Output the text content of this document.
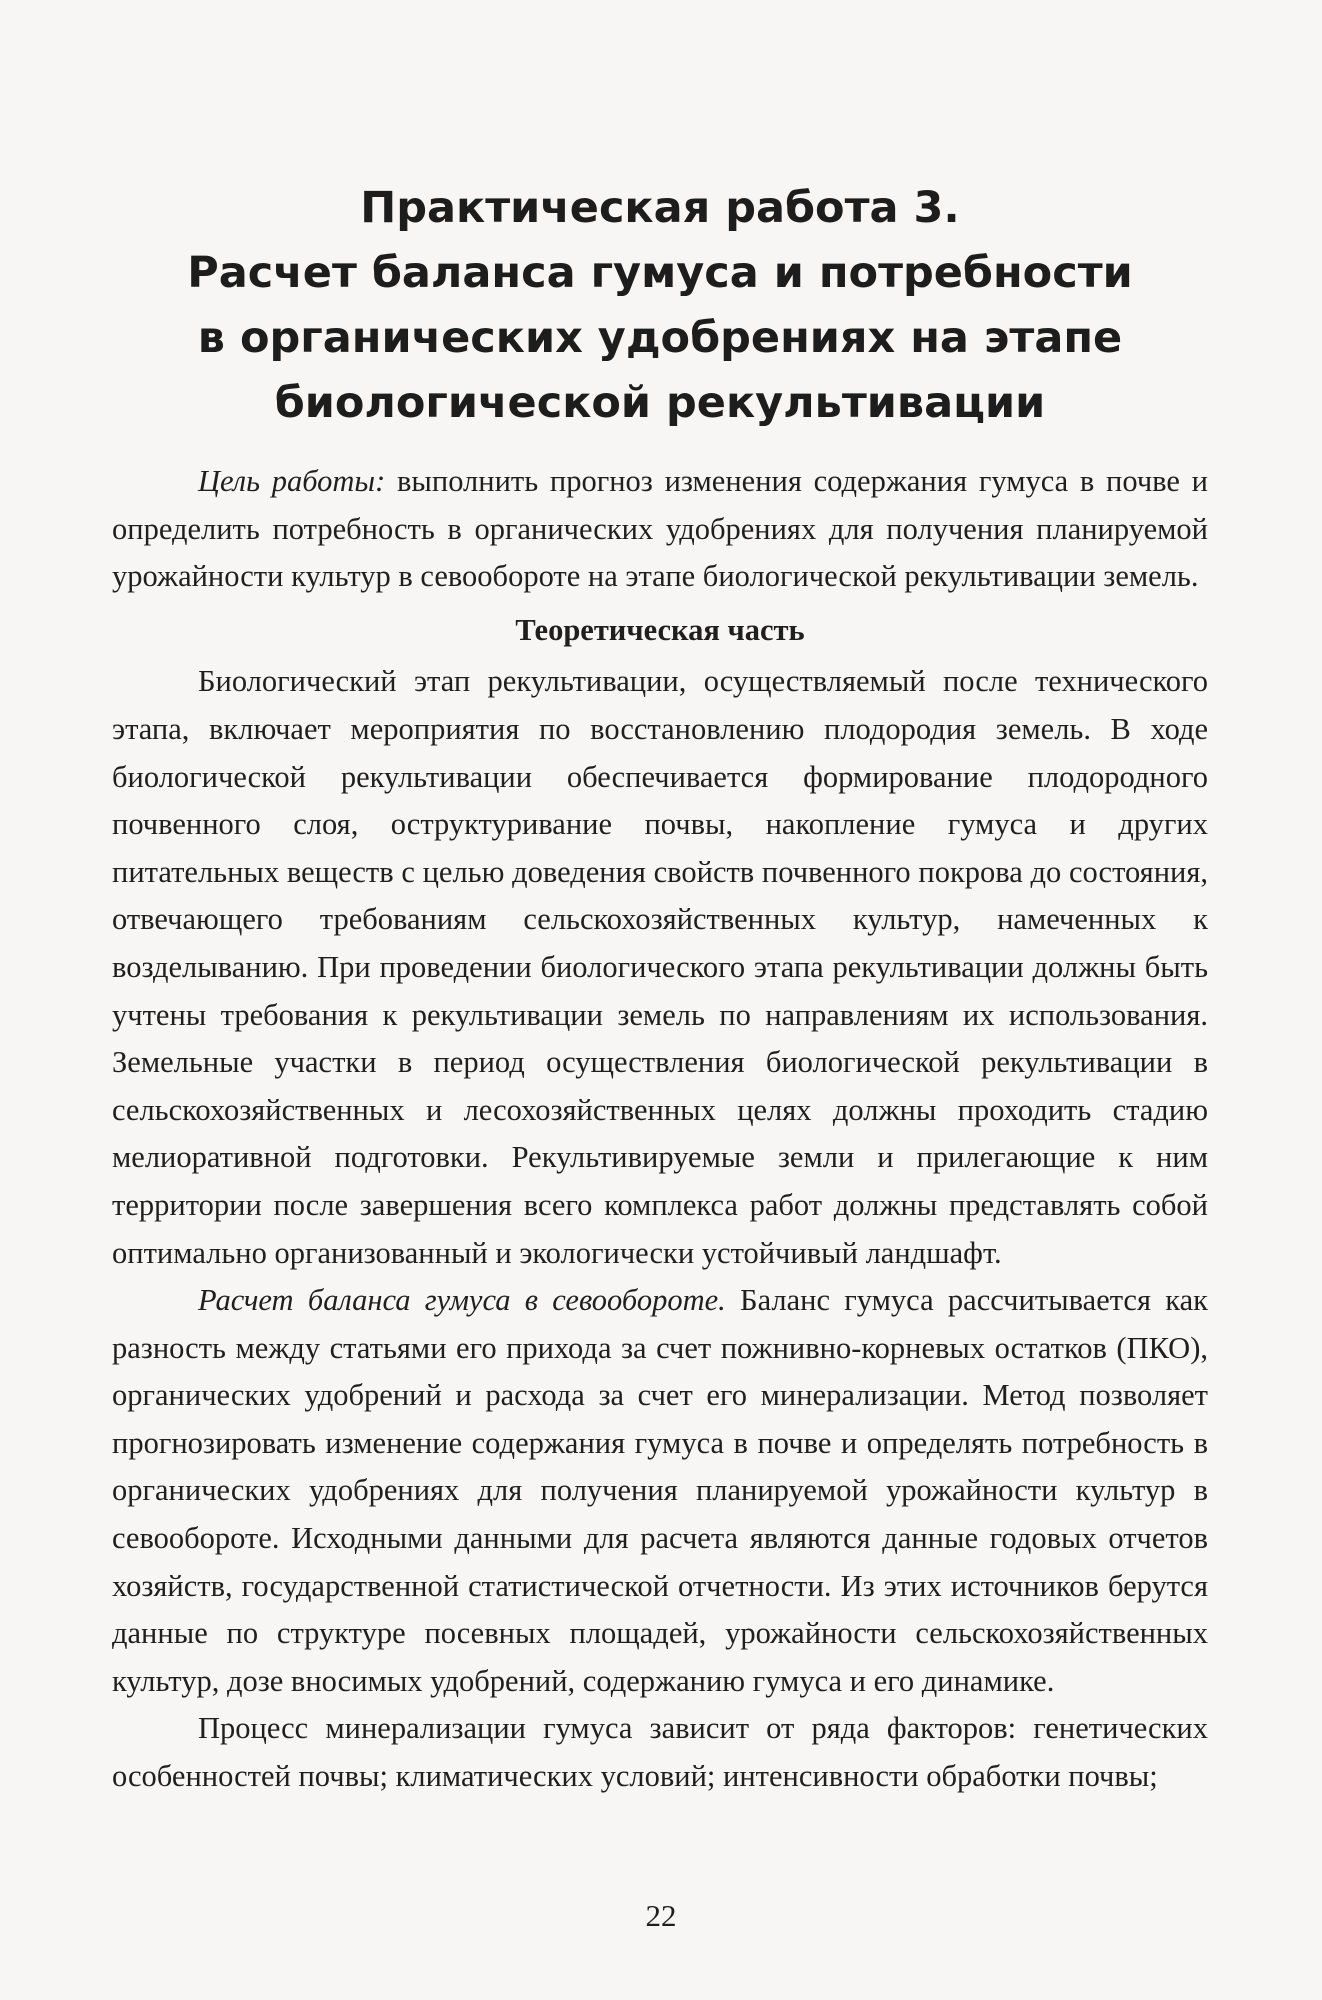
Практическая работа 3.
Расчет баланса гумуса и потребности
в органических удобрениях на этапе
биологической рекультивации

Цель работы: выполнить прогноз изменения содержания гумуса в почве и определить потребность в органических удобрениях для получения планируемой урожайности культур в севообороте на этапе биологической рекультивации земель.

Теоретическая часть

Биологический этап рекультивации, осуществляемый после технического этапа, включает мероприятия по восстановлению плодородия земель. В ходе биологической рекультивации обеспечивается формирование плодородного почвенного слоя, оструктуривание почвы, накопление гумуса и других питательных веществ с целью доведения свойств почвенного покрова до состояния, отвечающего требованиям сельскохозяйственных культур, намеченных к возделыванию. При проведении биологического этапа рекультивации должны быть учтены требования к рекультивации земель по направлениям их использования. Земельные участки в период осуществления биологической рекультивации в сельскохозяйственных и лесохозяйственных целях должны проходить стадию мелиоративной подготовки. Рекультивируемые земли и прилегающие к ним территории после завершения всего комплекса работ должны представлять собой оптимально организованный и экологически устойчивый ландшафт.

Расчет баланса гумуса в севообороте. Баланс гумуса рассчитывается как разность между статьями его прихода за счет пожнивно-корневых остатков (ПКО), органических удобрений и расхода за счет его минерализации. Метод позволяет прогнозировать изменение содержания гумуса в почве и определять потребность в органических удобрениях для получения планируемой урожайности культур в севообороте. Исходными данными для расчета являются данные годовых отчетов хозяйств, государственной статистической отчетности. Из этих источников берутся данные по структуре посевных площадей, урожайности сельскохозяйственных культур, дозе вносимых удобрений, содержанию гумуса и его динамике.

Процесс минерализации гумуса зависит от ряда факторов: генетических особенностей почвы; климатических условий; интенсивности обработки почвы;

22
